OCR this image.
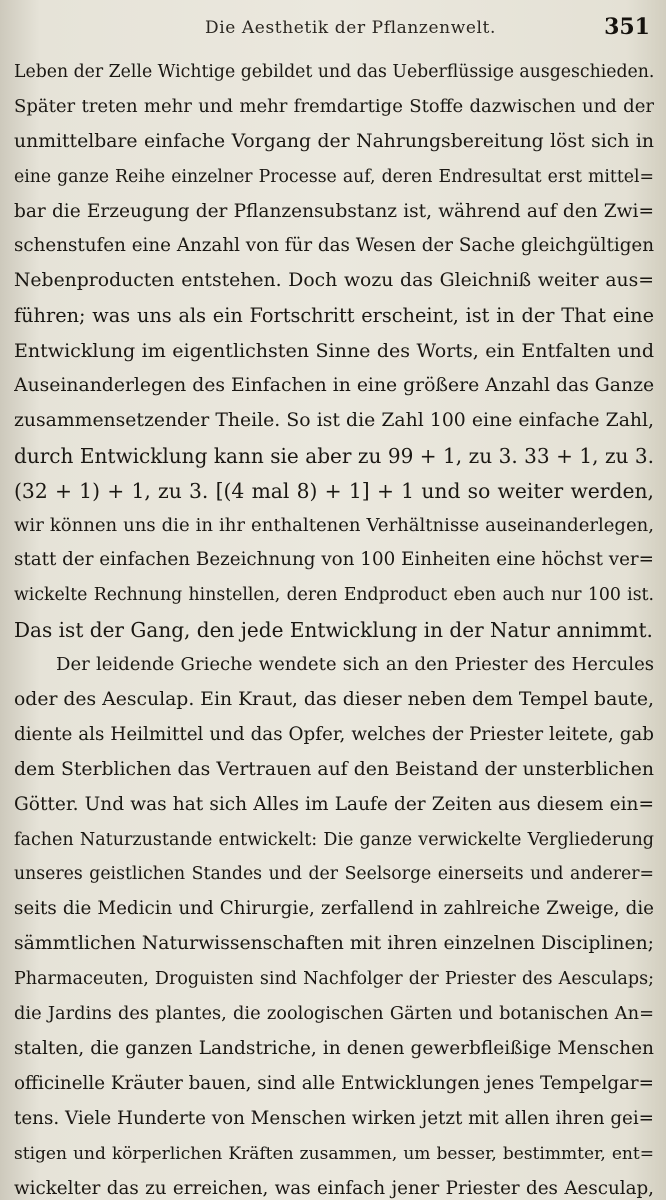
Die Aesthetik der Pflanzenwelt.	351
Leben der Zelle Wichtige gebildet und das Ueberflüssige ausgeschieden.
Später treten mehr und mehr fremdartige Stoffe dazwischen und der
unmittelbare einfache Vorgang der Nahrungsbereitung löst sich in
eine ganze Reihe einzelner Processe auf, deren Endresultat erst mittel=
bar die Erzeugung der Pflanzensubstanz ist, während auf den Zwi=
schenstufen eine Anzahl von für das Wesen der Sache gleichgültigen
Nebenproducten entstehen. Doch wozu das Gleichniß weiter aus=
führen; was uns als ein Fortschritt erscheint, ist in der That eine
Entwicklung im eigentlichsten Sinne des Worts, ein Entfalten und
Auseinanderlegen des Einfachen in eine größere Anzahl das Ganze
zusammensetzender Theile. So ist die Zahl 100 eine einfache Zahl,
durch Entwicklung kann sie aber zu 99 + 1, zu 3. 33 + 1, zu 3.
(32 + 1) + 1, zu 3. [(4 mal 8) + 1] + 1 und so weiter werden,
wir können uns die in ihr enthaltenen Verhältnisse auseinanderlegen,
statt der einfachen Bezeichnung von 100 Einheiten eine höchst ver=
wickelte Rechnung hinstellen, deren Endproduct eben auch nur 100 ist.
Das ist der Gang, den jede Entwicklung in der Natur annimmt.
Der leidende Grieche wendete sich an den Priester des Hercules
oder des Aesculap. Ein Kraut, das dieser neben dem Tempel baute,
diente als Heilmittel und das Opfer, welches der Priester leitete, gab
dem Sterblichen das Vertrauen auf den Beistand der unsterblichen
Götter. Und was hat sich Alles im Laufe der Zeiten aus diesem ein=
fachen Naturzustande entwickelt: Die ganze verwickelte Vergliederung
unseres geistlichen Standes und der Seelsorge einerseits und anderer=
seits die Medicin und Chirurgie, zerfallend in zahlreiche Zweige, die
sämmtlichen Naturwissenschaften mit ihren einzelnen Disciplinen;
Pharmaceuten, Droguisten sind Nachfolger der Priester des Aesculaps;
die Jardins des plantes, die zoologischen Gärten und botanischen An=
stalten, die ganzen Landstriche, in denen gewerbfleißige Menschen
officinelle Kräuter bauen, sind alle Entwicklungen jenes Tempelgar=
tens. Viele Hunderte von Menschen wirken jetzt mit allen ihren gei=
stigen und körperlichen Kräften zusammen, um besser, bestimmter, ent=
wickelter das zu erreichen, was einfach jener Priester des Aesculap,
